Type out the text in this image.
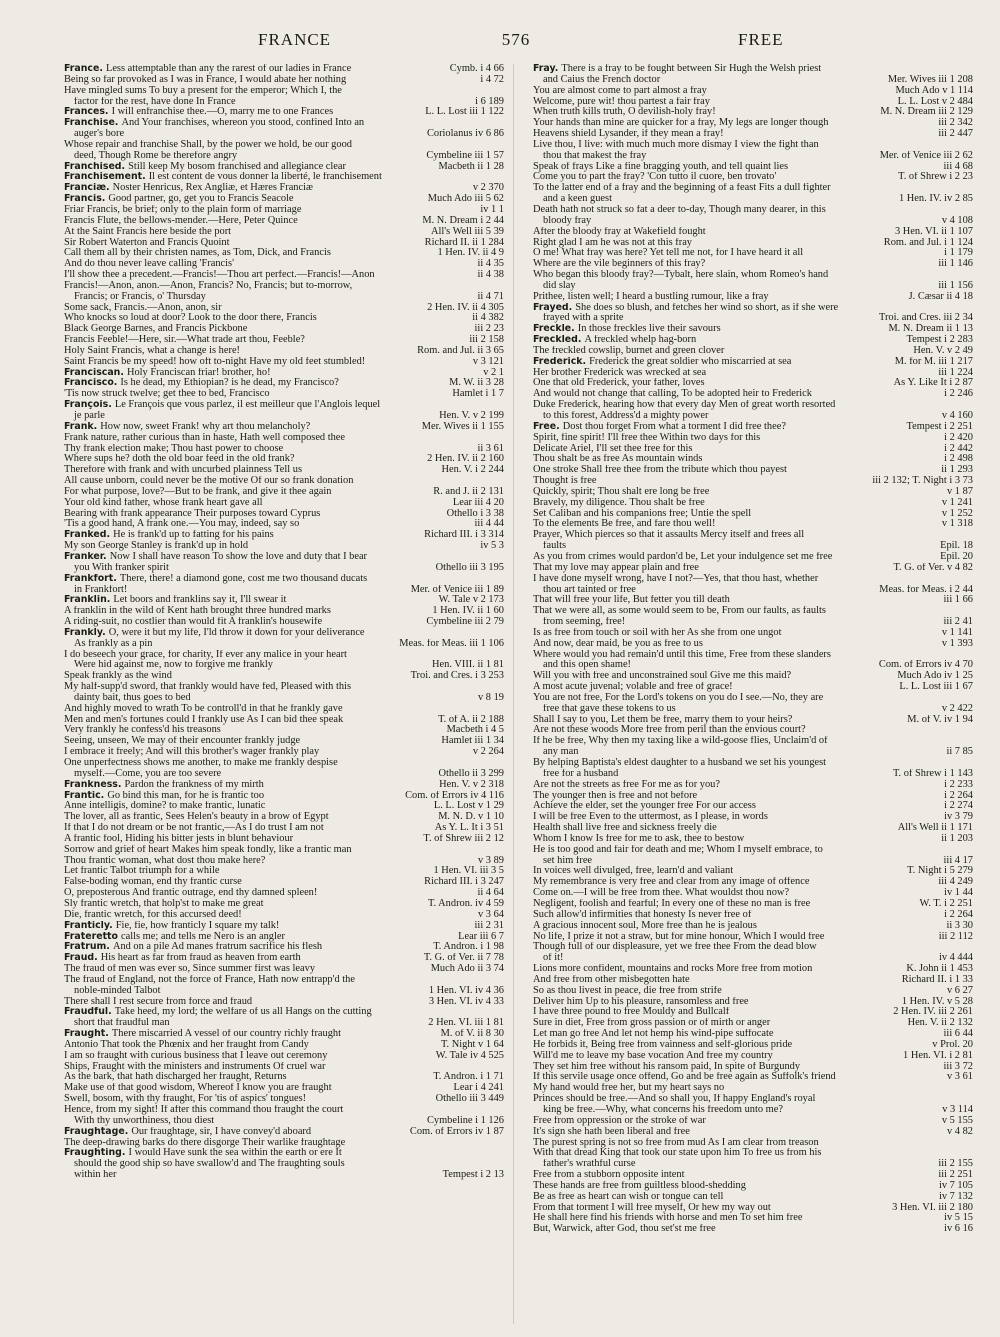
FRANCE	576	FREE
France. Less attemptable than any the rarest of our ladies in France	Cymb. i 4 66
Being so far provoked as I was in France, I would abate her nothing	i 4 72
Have mingled sums To buy a present for the emperor; Which I, the
factor for the rest, have done In France	i 6 189
Frances. I will enfranchise thee.—O, marry me to one Frances	L. L. Lost iii 1 122
Franchise. And Your franchises, whereon you stood, confined Into an
auger's bore	Coriolanus iv 6 86
Whose repair and franchise Shall, by the power we hold, be our good
deed, Though Rome be therefore angry	Cymbeline iii 1 57
Franchised. Still keep My bosom franchised and allegiance clear	Macbeth ii 1 28
Franchisement. Il est content de vous donner la liberté, le franchisement
Franciæ. Noster Henricus, Rex Angliæ, et Hæres Franciæ	v 2 370
Francis. Good partner, go, get you to Francis Seacole	Much Ado iii 5 62
Friar Francis, be brief; only to the plain form of marriage	iv 1 1
Francis Flute, the bellows-mender.—Here, Peter Quince	M. N. Dream i 2 44
At the Saint Francis here beside the port	All's Well iii 5 39
Sir Robert Waterton and Francis Quoint	Richard II. ii 1 284
Call them all by their christen names, as Tom, Dick, and Francis	1 Hen. IV. ii 4 9
And do thou never leave calling 'Francis'	ii 4 35
I'll show thee a precedent.—Francis!—Thou art perfect.—Francis!—Anon	ii 4 38
Francis!—Anon, anon.—Anon, Francis? No, Francis; but to-morrow,
Francis; or Francis, o' Thursday	ii 4 71
Some sack, Francis.—Anon, anon, sir	2 Hen. IV. ii 4 305
Who knocks so loud at door? Look to the door there, Francis	ii 4 382
Black George Barnes, and Francis Pickbone	iii 2 23
Francis Feeble!—Here, sir.—What trade art thou, Feeble?	iii 2 158
Holy Saint Francis, what a change is here!	Rom. and Jul. ii 3 65
Saint Francis be my speed! how oft to-night Have my old feet stumbled!	v 3 121
Franciscan. Holy Franciscan friar! brother, ho!	v 2 1
Francisco. Is he dead, my Ethiopian? is he dead, my Francisco?	M. W. ii 3 28
'Tis now struck twelve; get thee to bed, Francisco	Hamlet i 1 7
François. Le François que vous parlez, il est meilleur que l'Anglois lequel
je parle	Hen. V. v 2 199
Frank. How now, sweet Frank! why art thou melancholy?	Mer. Wives ii 1 155
Frank nature, rather curious than in haste, Hath well composed thee
Thy frank election make; Thou hast power to choose	ii 3 61
Where sups he? doth the old boar feed in the old frank?	2 Hen. IV. ii 2 160
Therefore with frank and with uncurbed plainness Tell us	Hen. V. i 2 244
All cause unborn, could never be the motive Of our so frank donation
For what purpose, love?—But to be frank, and give it thee again	R. and J. ii 2 131
Your old kind father, whose frank heart gave all	Lear iii 4 20
Bearing with frank appearance Their purposes toward Cyprus	Othello i 3 38
'Tis a good hand, A frank one.—You may, indeed, say so	iii 4 44
Franked. He is frank'd up to fatting for his pains	Richard III. i 3 314
My son George Stanley is frank'd up in hold	iv 5 3
Franker. Now I shall have reason To show the love and duty that I bear
you With franker spirit	Othello iii 3 195
Frankfort. There, there! a diamond gone, cost me two thousand ducats
in Frankfort!	Mer. of Venice iii 1 89
Franklin. Let boors and franklins say it, I'll swear it	W. Tale v 2 173
A franklin in the wild of Kent hath brought three hundred marks	1 Hen. IV. ii 1 60
A riding-suit, no costlier than would fit A franklin's housewife	Cymbeline iii 2 79
Frankly. O, were it but my life, I'ld throw it down for your deliverance
As frankly as a pin	Meas. for Meas. iii 1 106
I do beseech your grace, for charity, If ever any malice in your heart
Were hid against me, now to forgive me frankly	Hen. VIII. ii 1 81
Speak frankly as the wind	Troi. and Cres. i 3 253
My half-supp'd sword, that frankly would have fed, Pleased with this
dainty bait, thus goes to bed	v 8 19
And highly moved to wrath To be controll'd in that he frankly gave
Men and men's fortunes could I frankly use As I can bid thee speak	T. of A. ii 2 188
Very frankly he confess'd his treasons	Macbeth i 4 5
Seeing, unseen, We may of their encounter frankly judge	Hamlet iii 1 34
I embrace it freely; And will this brother's wager frankly play	v 2 264
One unperfectness shows me another, to make me frankly despise
myself.—Come, you are too severe	Othello ii 3 299
Frankness. Pardon the frankness of my mirth	Hen. V. v 2 318
Frantic. Go bind this man, for he is frantic too	Com. of Errors iv 4 116
Anne intelligis, domine? to make frantic, lunatic	L. L. Lost v 1 29
The lover, all as frantic, Sees Helen's beauty in a brow of Egypt	M. N. D. v 1 10
If that I do not dream or be not frantic,—As I do trust I am not	As Y. L. It i 3 51
A frantic fool, Hiding his bitter jests in blunt behaviour	T. of Shrew iii 2 12
Sorrow and grief of heart Makes him speak fondly, like a frantic man
Thou frantic woman, what dost thou make here?	v 3 89
Let frantic Talbot triumph for a while	1 Hen. VI. iii 3 5
False-boding woman, end thy frantic curse	Richard III. i 3 247
O, preposterous And frantic outrage, end thy damned spleen!	ii 4 64
Sly frantic wretch, that holp'st to make me great	T. Andron. iv 4 59
Die, frantic wretch, for this accursed deed!	v 3 64
Franticly. Fie, fie, how franticly I square my talk!	iii 2 31
Frateretto calls me; and tells me Nero is an angler	Lear iii 6 7
Fratrum. And on a pile Ad manes fratrum sacrifice his flesh	T. Andron. i 1 98
Fraud. His heart as far from fraud as heaven from earth	T. G. of Ver. ii 7 78
The fraud of men was ever so, Since summer first was leavy	Much Ado ii 3 74
The fraud of England, not the force of France, Hath now entrapp'd the
noble-minded Talbot	1 Hen. VI. iv 4 36
There shall I rest secure from force and fraud	3 Hen. VI. iv 4 33
Fraudful. Take heed, my lord; the welfare of us all Hangs on the cutting
short that fraudful man	2 Hen. VI. iii 1 81
Fraught. There miscarried A vessel of our country richly fraught	M. of V. ii 8 30
Antonio That took the Phœnix and her fraught from Candy	T. Night v 1 64
I am so fraught with curious business that I leave out ceremony	W. Tale iv 4 525
Ships, Fraught with the ministers and instruments Of cruel war
As the bark, that hath discharged her fraught, Returns	T. Andron. i 1 71
Make use of that good wisdom, Whereof I know you are fraught	Lear i 4 241
Swell, bosom, with thy fraught, For 'tis of aspics' tongues!	Othello iii 3 449
Hence, from my sight! If after this command thou fraught the court
With thy unworthiness, thou diest	Cymbeline i 1 126
Fraughtage. Our fraughtage, sir, I have convey'd aboard	Com. of Errors iv 1 87
The deep-drawing barks do there disgorge Their warlike fraughtage
Fraughting. I would Have sunk the sea within the earth or ere It
should the good ship so have swallow'd and The fraughting souls
within her	Tempest i 2 13
Fray. There is a fray to be fought between Sir Hugh the Welsh priest
and Caius the French doctor	Mer. Wives iii 1 208
You are almost come to part almost a fray	Much Ado v 1 114
Welcome, pure wit! thou partest a fair fray	L. L. Lost v 2 484
When truth kills truth, O devilish-holy fray!	M. N. Dream iii 2 129
Your hands than mine are quicker for a fray, My legs are longer though	iii 2 342
Heavens shield Lysander, if they mean a fray!	iii 2 447
Live thou, I live: with much much more dismay I view the fight than
thou that makest the fray	Mer. of Venice iii 2 62
Speak of frays Like a fine bragging youth, and tell quaint lies	iii 4 68
Come you to part the fray? 'Con tutto il cuore, ben trovato'	T. of Shrew i 2 23
To the latter end of a fray and the beginning of a feast Fits a dull fighter
and a keen guest	1 Hen. IV. iv 2 85
Death hath not struck so fat a deer to-day, Though many dearer, in this
bloody fray	v 4 108
After the bloody fray at Wakefield fought	3 Hen. VI. ii 1 107
Right glad I am he was not at this fray	Rom. and Jul. i 1 124
O me! What fray was here? Yet tell me not, for I have heard it all	i 1 179
Where are the vile beginners of this fray?	iii 1 146
Who began this bloody fray?—Tybalt, here slain, whom Romeo's hand
did slay	iii 1 156
Prithee, listen well; I heard a bustling rumour, like a fray	J. Cæsar ii 4 18
Frayed. She does so blush, and fetches her wind so short, as if she were
frayed with a sprite	Troi. and Cres. iii 2 34
Freckle. In those freckles live their savours	M. N. Dream ii 1 13
Freckled. A freckled whelp hag-born	Tempest i 2 283
The freckled cowslip, burnet and green clover	Hen. V. v 2 49
Frederick. Frederick the great soldier who miscarried at sea	M. for M. iii 1 217
Her brother Frederick was wrecked at sea	iii 1 224
One that old Frederick, your father, loves	As Y. Like It i 2 87
And would not change that calling, To be adopted heir to Frederick	i 2 246
Duke Frederick, hearing how that every day Men of great worth resorted
to this forest, Address'd a mighty power	v 4 160
Free. Dost thou forget From what a torment I did free thee?	Tempest i 2 251
Spirit, fine spirit! I'll free thee Within two days for this	i 2 420
Delicate Ariel, I'll set thee free for this	i 2 442
Thou shalt be as free As mountain winds	i 2 498
One stroke Shall free thee from the tribute which thou payest	ii 1 293
Thought is free	iii 2 132; T. Night i 3 73
Quickly, spirit; Thou shalt ere long be free	v 1 87
Bravely, my diligence. Thou shalt be free	v 1 241
Set Caliban and his companions free; Untie the spell	v 1 252
To the elements Be free, and fare thou well!	v 1 318
Prayer, Which pierces so that it assaults Mercy itself and frees all
faults	Epil. 18
As you from crimes would pardon'd be, Let your indulgence set me free	Epil. 20
That my love may appear plain and free	T. G. of Ver. v 4 82
I have done myself wrong, have I not?—Yes, that thou hast, whether
thou art tainted or free	Meas. for Meas. i 2 44
That will free your life, But fetter you till death	iii 1 66
That we were all, as some would seem to be, From our faults, as faults
from seeming, free!	iii 2 41
Is as free from touch or soil with her As she from one ungot	v 1 141
And now, dear maid, be you as free to us	v 1 393
Where would you had remain'd until this time, Free from these slanders
and this open shame!	Com. of Errors iv 4 70
Will you with free and unconstrained soul Give me this maid?	Much Ado iv 1 25
A most acute juvenal; volable and free of grace!	L. L. Lost iii 1 67
You are not free, For the Lord's tokens on you do I see.—No, they are
free that gave these tokens to us	v 2 422
Shall I say to you, Let them be free, marry them to your heirs?	M. of V. iv 1 94
Are not these woods More free from peril than the envious court?
If he be free, Why then my taxing like a wild-goose flies, Unclaim'd of
any man	ii 7 85
By helping Baptista's eldest daughter to a husband we set his youngest
free for a husband	T. of Shrew i 1 143
Are not the streets as free For me as for you?	i 2 233
The younger then is free and not before	i 2 264
Achieve the elder, set the younger free For our access	i 2 274
I will be free Even to the uttermost, as I please, in words	iv 3 79
Health shall live free and sickness freely die	All's Well ii 1 171
Whom I know Is free for me to ask, thee to bestow	ii 1 203
He is too good and fair for death and me; Whom I myself embrace, to
set him free	iii 4 17
In voices well divulged, free, learn'd and valiant	T. Night i 5 279
My remembrance is very free and clear from any image of offence	iii 4 249
Come on.—I will be free from thee. What wouldst thou now?	iv 1 44
Negligent, foolish and fearful; In every one of these no man is free	W. T. i 2 251
Such allow'd infirmities that honesty Is never free of	i 2 264
A gracious innocent soul, More free than he is jealous	ii 3 30
No life, I prize it not a straw, but for mine honour, Which I would free	iii 2 112
Though full of our displeasure, yet we free thee From the dead blow
of it!	iv 4 444
Lions more confident, mountains and rocks More free from motion	K. John ii 1 453
And free from other misbegotten hate	Richard II. i 1 33
So as thou livest in peace, die free from strife	v 6 27
Deliver him Up to his pleasure, ransomless and free	1 Hen. IV. v 5 28
I have three pound to free Mouldy and Bullcalf	2 Hen. IV. iii 2 261
Sure in diet, Free from gross passion or of mirth or anger	Hen. V. ii 2 132
Let man go free And let not hemp his wind-pipe suffocate	iii 6 44
He forbids it, Being free from vainness and self-glorious pride	v Prol. 20
Will'd me to leave my base vocation And free my country	1 Hen. VI. i 2 81
They set him free without his ransom paid, In spite of Burgundy	iii 3 72
If this servile usage once offend, Go and be free again as Suffolk's friend	v 3 61
My hand would free her, but my heart says no
Princes should be free.—And so shall you, If happy England's royal
king be free.—Why, what concerns his freedom unto me?	v 3 114
Free from oppression or the stroke of war	v 5 155
It's sign she hath been liberal and free	v 4 82
The purest spring is not so free from mud As I am clear from treason
With that dread King that took our state upon him To free us from his
father's wrathful curse	iii 2 155
Free from a stubborn opposite intent	iii 2 251
These hands are free from guiltless blood-shedding	iv 7 105
Be as free as heart can wish or tongue can tell	iv 7 132
From that torment I will free myself, Or hew my way out	3 Hen. VI. iii 2 180
He shall here find his friends with horse and men To set him free	iv 5 15
But, Warwick, after God, thou set'st me free	iv 6 16
